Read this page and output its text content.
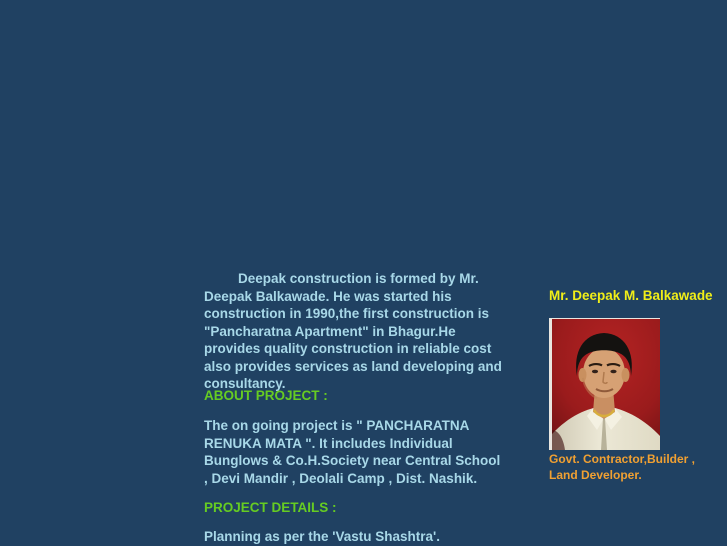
Deepak construction is formed by Mr. Deepak Balkawade. He was started his construction in 1990,the first construction is "Pancharatna Apartment" in Bhagur.He provides quality construction in reliable cost also provides services as land developing and consultancy.
ABOUT PROJECT :
The on going project is " PANCHARATNA RENUKA MATA ". It includes Individual Bunglows & Co.H.Society near Central School , Devi Mandir , Deolali Camp , Dist. Nashik.
PROJECT DETAILS :
Planning as per the 'Vastu Shashtra'.
Mr. Deepak M. Balkawade
Govt. Contractor,Builder ,
Land Developer.
